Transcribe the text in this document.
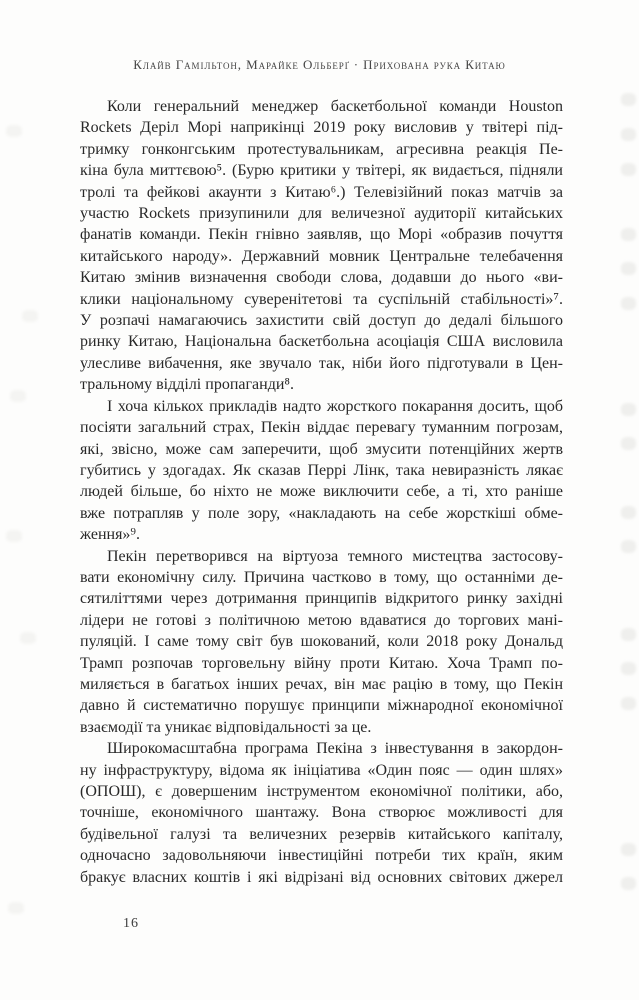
Клайв Гамільтон, Марайке Ольберґ · Прихована рука Китаю
Коли генеральний менеджер баскетбольної команди Houston
Rockets Деріл Морі наприкінці 2019 року висловив у твітері під-
тримку гонконгським протестувальникам, агресивна реакція Пе-
кіна була миттєвою⁵. (Бурю критики у твітері, як видається, підняли
тролі та фейкові акаунти з Китаю⁶.) Телевізійний показ матчів за
участю Rockets призупинили для величезної аудиторії китайських
фанатів команди. Пекін гнівно заявляв, що Морі «образив почуття
китайського народу». Державний мовник Центральне телебачення
Китаю змінив визначення свободи слова, додавши до нього «ви-
клики національному суверенітетові та суспільній стабільності»⁷.
У розпачі намагаючись захистити свій доступ до дедалі більшого
ринку Китаю, Національна баскетбольна асоціація США висловила
улесливе вибачення, яке звучало так, ніби його підготували в Цен-
тральному відділі пропаганди⁸.
І хоча кількох прикладів надто жорсткого покарання досить, щоб
посіяти загальний страх, Пекін віддає перевагу туманним погрозам,
які, звісно, може сам заперечити, щоб змусити потенційних жертв
губитись у здогадах. Як сказав Перрі Лінк, така невиразність лякає
людей більше, бо ніхто не може виключити себе, а ті, хто раніше
вже потрапляв у поле зору, «накладають на себе жорсткіші обме-
ження»⁹.
Пекін перетворився на віртуоза темного мистецтва застосову-
вати економічну силу. Причина частково в тому, що останніми де-
сятиліттями через дотримання принципів відкритого ринку західні
лідери не готові з політичною метою вдаватися до торгових мані-
пуляцій. І саме тому світ був шокований, коли 2018 року Дональд
Трамп розпочав торговельну війну проти Китаю. Хоча Трамп по-
миляється в багатьох інших речах, він має рацію в тому, що Пекін
давно й систематично порушує принципи міжнародної економічної
взаємодії та уникає відповідальності за це.
Широкомасштабна програма Пекіна з інвестування в закордон-
ну інфраструктуру, відома як ініціатива «Один пояс — один шлях»
(ОПОШ), є довершеним інструментом економічної політики, або,
точніше, економічного шантажу. Вона створює можливості для
будівельної галузі та величезних резервів китайського капіталу,
одночасно задовольняючи інвестиційні потреби тих країн, яким
бракує власних коштів і які відрізані від основних світових джерел
16
